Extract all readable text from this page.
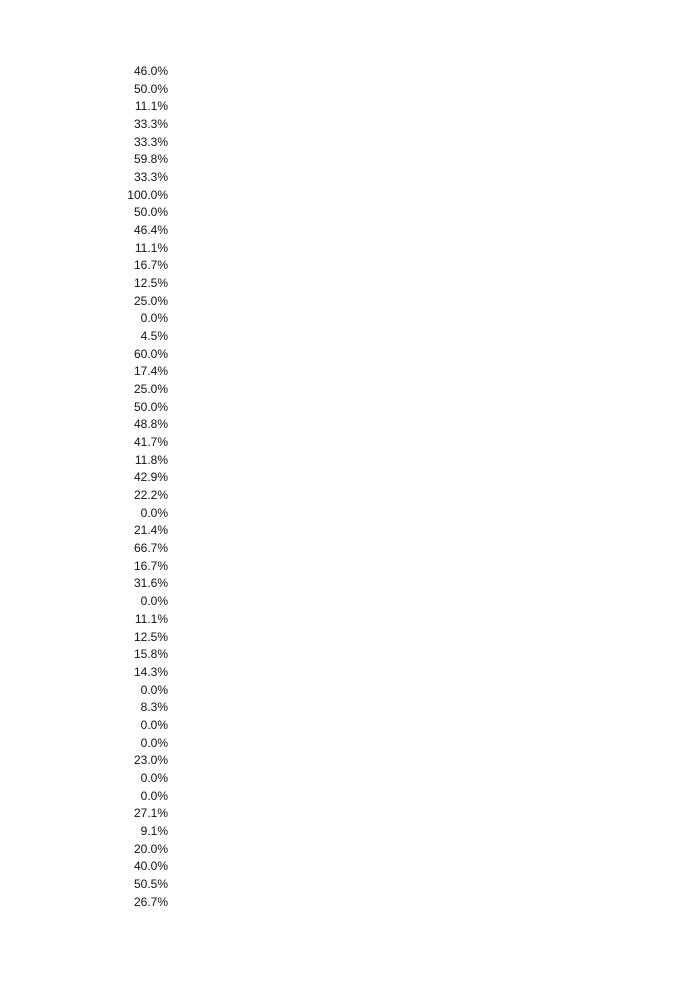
46.0%
50.0%
11.1%
33.3%
33.3%
59.8%
33.3%
100.0%
50.0%
46.4%
11.1%
16.7%
12.5%
25.0%
0.0%
4.5%
60.0%
17.4%
25.0%
50.0%
48.8%
41.7%
11.8%
42.9%
22.2%
0.0%
21.4%
66.7%
16.7%
31.6%
0.0%
11.1%
12.5%
15.8%
14.3%
0.0%
8.3%
0.0%
0.0%
23.0%
0.0%
0.0%
27.1%
9.1%
20.0%
40.0%
50.5%
26.7%
